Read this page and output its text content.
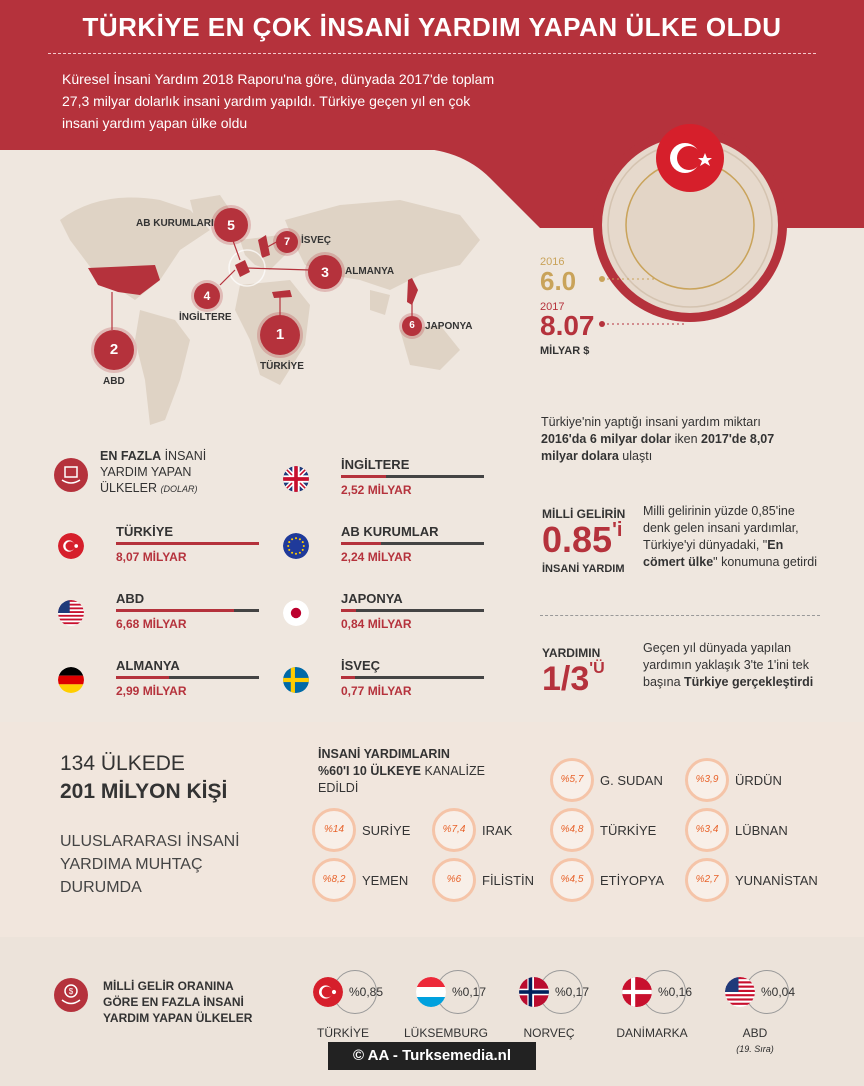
TÜRKİYE EN ÇOK İNSANİ YARDIM YAPAN ÜLKE OLDU
Küresel İnsani Yardım 2018 Raporu'na göre, dünyada 2017'de toplam 27,3 milyar dolarlık insani yardım yapıldı. Türkiye geçen yıl en çok insani yardım yapan ülke oldu
5
AB KURUMLARI
7	İSVEÇ
3	ALMANYA
4
İNGİLTERE
2
ABD
1
TÜRKİYE
6	JAPONYA
2016
6.0
2017
8.07
MİLYAR $
Türkiye'nin yaptığı insani yardım miktarı
2016'da 6 milyar dolar iken 2017'de 8,07
milyar dolara ulaştı
EN FAZLA İNSANİ
YARDIM YAPAN
ÜLKELER (DOLAR)
MİLLİ GELİRİN
$0.85^{'i}$
İNSANİ YARDIM
Milli gelirinin yüzde 0,85'ine denk gelen insani yardımlar, Türkiye'yi dünyadaki, "En cömert ülke" konumuna getirdi
YARDIMIN
$1/3^{'Ü}$
Geçen yıl dünyada yapılan yardımın yaklaşık 3'te 1'ini tek başına Türkiye gerçekleştirdi
134 ÜLKEDE
201 MİLYON KİŞİ
ULUSLARARASI İNSANİ
YARDIMA MUHTAÇ
DURUMDA
İNSANİ YARDIMLARIN
%60'I 10 ÜLKEYE KANALİZE
EDİLDİ
$ MİLLİ GELİR ORANINA GÖRE EN FAZLA İNSANİ YARDIM YAPAN ÜLKELER
© AA - Turksemedia.nl
TÜRKİYE
8,07 MİLYAR
ABD
6,68 MİLYAR
ALMANYA
2,99 MİLYAR
İNGİLTERE
2,52 MİLYAR
AB KURUMLAR
2,24 MİLYAR
JAPONYA
0,84 MİLYAR
İSVEÇ
0,77 MİLYAR
%14	SURİYE	%7,4	IRAK
%8,2	YEMEN	%6	FİLİSTİN
%5,7	G. SUDAN	%3,9	ÜRDÜN
%4,8	TÜRKİYE	%3,4	LÜBNAN
%4,5	ETİYOPYA	%2,7	YUNANİSTAN
%0,85
TÜRKİYE
%0,17
LÜKSEMBURG
%0,17
NORVEÇ
%0,16
DANİMARKA
%0,04
ABD
(19. Sıra)
